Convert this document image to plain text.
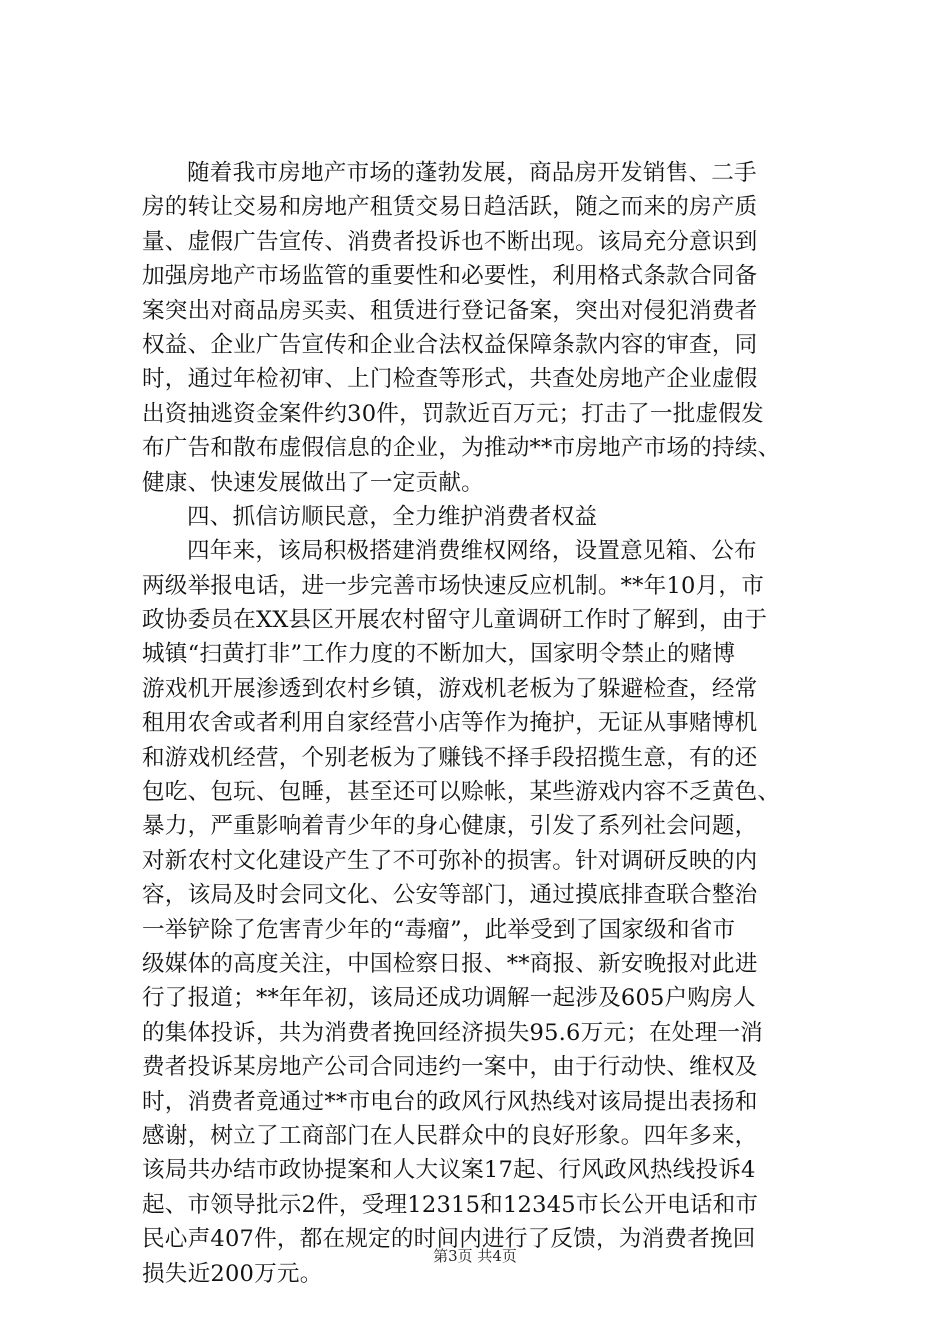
随着我市房地产市场的蓬勃发展，商品房开发销售、二手
房的转让交易和房地产租赁交易日趋活跃，随之而来的房产质
量、虚假广告宣传、消费者投诉也不断出现。该局充分意识到
加强房地产市场监管的重要性和必要性，利用格式条款合同备
案突出对商品房买卖、租赁进行登记备案，突出对侵犯消费者
权益、企业广告宣传和企业合法权益保障条款内容的审查，同
时，通过年检初审、上门检查等形式，共查处房地产企业虚假
出资抽逃资金案件约30件，罚款近百万元；打击了一批虚假发
布广告和散布虚假信息的企业，为推动**市房地产市场的持续、
健康、快速发展做出了一定贡献。
四、抓信访顺民意，全力维护消费者权益
四年来，该局积极搭建消费维权网络，设置意见箱、公布
两级举报电话，进一步完善市场快速反应机制。**年10月，市
政协委员在XX县区开展农村留守儿童调研工作时了解到，由于
城镇“扫黄打非”工作力度的不断加大，国家明令禁止的赌博
游戏机开展渗透到农村乡镇，游戏机老板为了躲避检查，经常
租用农舍或者利用自家经营小店等作为掩护，无证从事赌博机
和游戏机经营，个别老板为了赚钱不择手段招揽生意，有的还
包吃、包玩、包睡，甚至还可以赊帐，某些游戏内容不乏黄色、
暴力，严重影响着青少年的身心健康，引发了系列社会问题，
对新农村文化建设产生了不可弥补的损害。针对调研反映的内
容，该局及时会同文化、公安等部门，通过摸底排查联合整治
一举铲除了危害青少年的“毒瘤”，此举受到了国家级和省市
级媒体的高度关注，中国检察日报、**商报、新安晚报对此进
行了报道；**年年初，该局还成功调解一起涉及605户购房人
的集体投诉，共为消费者挽回经济损失95.6万元；在处理一消
费者投诉某房地产公司合同违约一案中，由于行动快、维权及
时，消费者竟通过**市电台的政风行风热线对该局提出表扬和
感谢，树立了工商部门在人民群众中的良好形象。四年多来，
该局共办结市政协提案和人大议案17起、行风政风热线投诉4
起、市领导批示2件，受理12315和12345市长公开电话和市
民心声407件，都在规定的时间内进行了反馈，为消费者挽回
损失近200万元。
第3页 共4页
